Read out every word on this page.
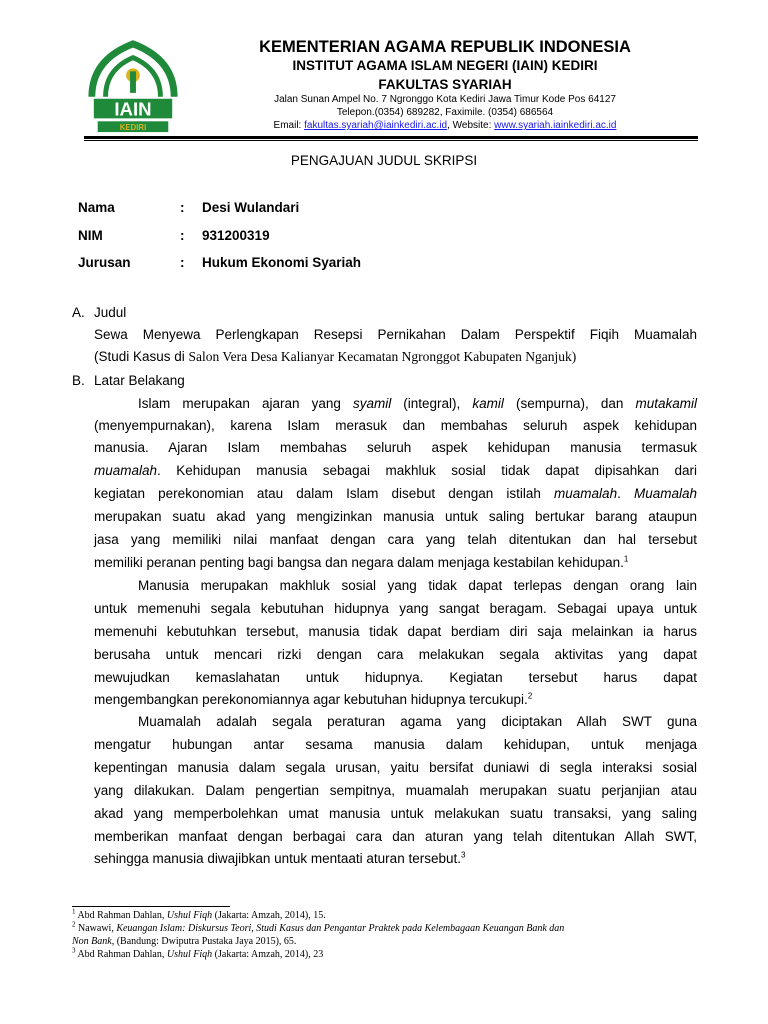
IAIN
KEDIRI
KEMENTERIAN AGAMA REPUBLIK INDONESIA
INSTITUT AGAMA ISLAM NEGERI (IAIN) KEDIRI
FAKULTAS SYARIAH
Jalan Sunan Ampel No. 7 Ngronggo Kota Kediri Jawa Timur Kode Pos 64127
Telepon.(0354) 689282, Faximile. (0354) 686564
Email: fakultas.syariah@iainkediri.ac.id, Website: www.syariah.iainkediri.ac.id
PENGAJUAN JUDUL SKRIPSI
Nama	: Desi Wulandari
NIM	: 931200319
Jurusan	: Hukum Ekonomi Syariah
A. Judul
Sewa Menyewa Perlengkapan Resepsi Pernikahan Dalam Perspektif Fiqih Muamalah
(Studi Kasus di Salon Vera Desa Kalianyar Kecamatan Ngronggot Kabupaten Nganjuk)
B. Latar Belakang
Islam merupakan ajaran yang syamil (integral), kamil (sempurna), dan mutakamil
(menyempurnakan), karena Islam merasuk dan membahas seluruh aspek kehidupan
manusia. Ajaran Islam membahas seluruh aspek kehidupan manusia termasuk
muamalah. Kehidupan manusia sebagai makhluk sosial tidak dapat dipisahkan dari
kegiatan perekonomian atau dalam Islam disebut dengan istilah muamalah. Muamalah
merupakan suatu akad yang mengizinkan manusia untuk saling bertukar barang ataupun
jasa yang memiliki nilai manfaat dengan cara yang telah ditentukan dan hal tersebut
memiliki peranan penting bagi bangsa dan negara dalam menjaga kestabilan kehidupan.$^1$
Manusia merupakan makhluk sosial yang tidak dapat terlepas dengan orang lain
untuk memenuhi segala kebutuhan hidupnya yang sangat beragam. Sebagai upaya untuk
memenuhi kebutuhkan tersebut, manusia tidak dapat berdiam diri saja melainkan ia harus
berusaha untuk mencari rizki dengan cara melakukan segala aktivitas yang dapat
mewujudkan kemaslahatan untuk hidupnya. Kegiatan tersebut harus dapat
mengembangkan perekonomiannya agar kebutuhan hidupnya tercukupi.$^2$
Muamalah adalah segala peraturan agama yang diciptakan Allah SWT guna
mengatur hubungan antar sesama manusia dalam kehidupan, untuk menjaga
kepentingan manusia dalam segala urusan, yaitu bersifat duniawi di segla interaksi sosial
yang dilakukan. Dalam pengertian sempitnya, muamalah merupakan suatu perjanjian atau
akad yang memperbolehkan umat manusia untuk melakukan suatu transaksi, yang saling
memberikan manfaat dengan berbagai cara dan aturan yang telah ditentukan Allah SWT,
sehingga manusia diwajibkan untuk mentaati aturan tersebut.$^3$
$^1$ Abd Rahman Dahlan, Ushul Fiqh (Jakarta: Amzah, 2014), 15.
$^2$ Nawawi, Keuangan Islam: Diskursus Teori, Studi Kasus dan Pengantar Praktek pada Kelembagaan Keuangan Bank dan
Non Bank, (Bandung: Dwiputra Pustaka Jaya 2015), 65.
$^3$ Abd Rahman Dahlan, Ushul Fiqh (Jakarta: Amzah, 2014), 23
